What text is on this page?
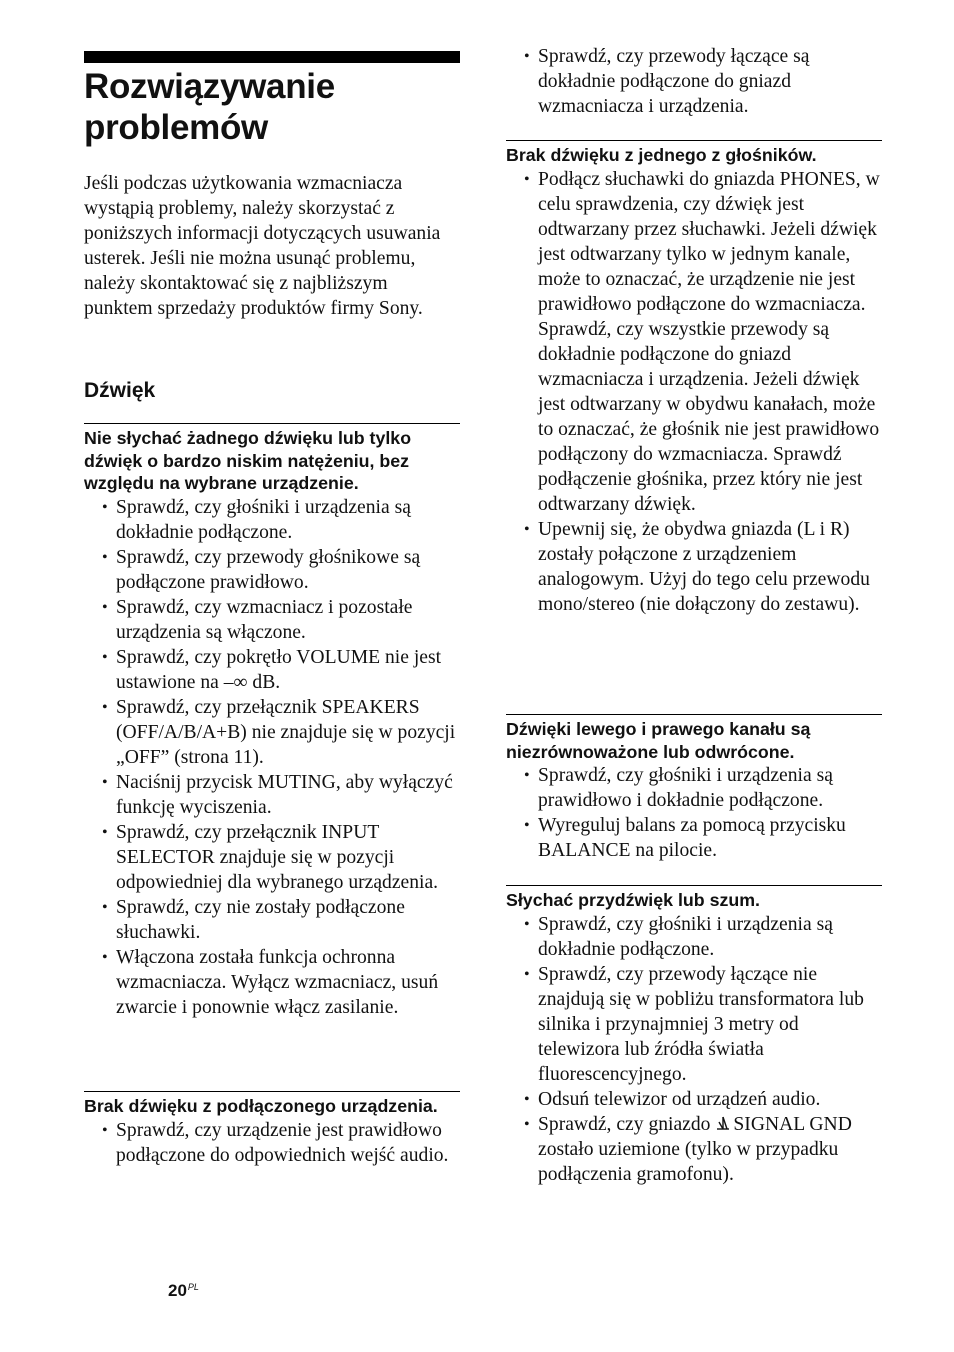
Rozwiązywanie problemów

Jeśli podczas użytkowania wzmacniacza wystąpią problemy, należy skorzystać z poniższych informacji dotyczących usuwania usterek. Jeśli nie można usunąć problemu, należy skontaktować się z najbliższym punktem sprzedaży produktów firmy Sony.

Dźwięk
Nie słychać żadnego dźwięku lub tylko dźwięk o bardzo niskim natężeniu, bez względu na wybrane urządzenie.
• Sprawdź, czy głośniki i urządzenia są dokładnie podłączone.
• Sprawdź, czy przewody głośnikowe są podłączone prawidłowo.
• Sprawdź, czy wzmacniacz i pozostałe urządzenia są włączone.
• Sprawdź, czy pokrętło VOLUME nie jest ustawione na –∞ dB.
• Sprawdź, czy przełącznik SPEAKERS (OFF/A/B/A+B) nie znajduje się w pozycji „OFF” (strona 11).
• Naciśnij przycisk MUTING, aby wyłączyć funkcję wyciszenia.
• Sprawdź, czy przełącznik INPUT SELECTOR znajduje się w pozycji odpowiedniej dla wybranego urządzenia.
• Sprawdź, czy nie zostały podłączone słuchawki.
• Włączona została funkcja ochronna wzmacniacza. Wyłącz wzmacniacz, usuń zwarcie i ponownie włącz zasilanie.
Brak dźwięku z podłączonego urządzenia.
• Sprawdź, czy urządzenie jest prawidłowo podłączone do odpowiednich wejść audio.
$20^{PL}$
• Sprawdź, czy przewody łączące są dokładnie podłączone do gniazd wzmacniacza i urządzenia.
Brak dźwięku z jednego z głośników.
• Podłącz słuchawki do gniazda PHONES, w celu sprawdzenia, czy dźwięk jest odtwarzany przez słuchawki. Jeżeli dźwięk jest odtwarzany tylko w jednym kanale, może to oznaczać, że urządzenie nie jest prawidłowo podłączone do wzmacniacza. Sprawdź, czy wszystkie przewody są dokładnie podłączone do gniazd wzmacniacza i urządzenia. Jeżeli dźwięk jest odtwarzany w obydwu kanałach, może to oznaczać, że głośnik nie jest prawidłowo podłączony do wzmacniacza. Sprawdź podłączenie głośnika, przez który nie jest odtwarzany dźwięk.
• Upewnij się, że obydwa gniazda (L i R) zostały połączone z urządzeniem analogowym. Użyj do tego celu przewodu mono/stereo (nie dołączony do zestawu).
Dźwięki lewego i prawego kanału są niezrównoważone lub odwrócone.
• Sprawdź, czy głośniki i urządzenia są prawidłowo i dokładnie podłączone.
• Wyreguluj balans za pomocą przycisku BALANCE na pilocie.
Słychać przydźwięk lub szum.
• Sprawdź, czy głośniki i urządzenia są dokładnie podłączone.
• Sprawdź, czy przewody łączące nie znajdują się w pobliżu transformatora lub silnika i przynajmniej 3 metry od telewizora lub źródła światła fluorescencyjnego.
• Odsuń telewizor od urządzeń audio.
• Sprawdź, czy gniazdo SIGNAL GND zostało uziemione (tylko w przypadku podłączenia gramofonu).
